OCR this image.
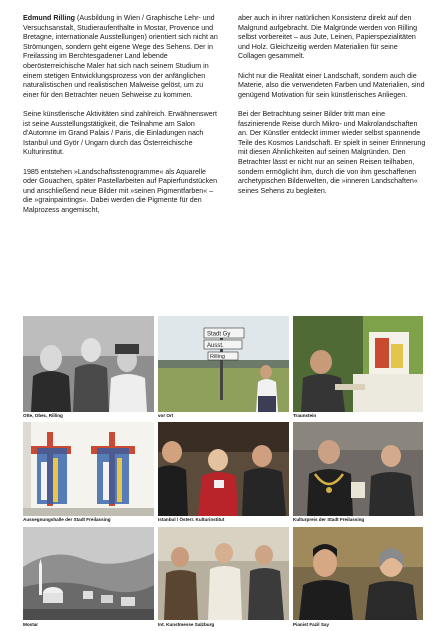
Edmund Rilling (Ausbildung in Wien / Graphische Lehr- und Versuchsanstalt, Studieraufenthalte in Mostar, Provence und Bretagne, internationale Ausstellungen) orientiert sich nicht an Strömungen, sondern geht eigene Wege des Sehens. Der in Freilassing im Berchtesgadener Land lebende oberösterreichische Maler hat sich nach seinem Studium in einem stetigen Entwicklungsprozess von der anfänglichen naturalistischen und realistischen Malweise gelöst, um zu einer für den Betrachter neuen Sehweise zu kommen.

Seine künstlerische Aktivitäten sind zahlreich. Erwähnenswert ist seine Ausstellungstätigkeit, die Teilnahme am Salon d'Automne im Grand Palais / Paris, die Einladungen nach Istanbul und Györ / Ungarn durch das Österreichische Kulturinstitut.

1985 entstehen »Landschaftsstenogramme« als Aquarelle oder Gouachen, später Pastellarbeiten auf Papierfundstücken und anschließend neue Bilder mit »seinen Pigmentfarben« – die »grainpaintings«. Dabei werden die Pigmente für den Malprozess angemischt,

aber auch in ihrer natürlichen Konsistenz direkt auf den Malgrund aufgebracht. Die Malgründe werden von Rilling selbst vorbereitet – aus Jute, Leinen, Papierspezialitäten und Holz. Gleichzeitig werden Materialien für seine Collagen gesammelt.

Nicht nur die Realität einer Landschaft, sondern auch die Materie, also die verwendeten Farben und Materialien, sind genügend Motivation für sein künstlerisches Anliegen.

Bei der Betrachtung seiner Bilder tritt man eine faszinierende Reise durch Mikro- und Makrolandschaften an. Der Künstler entdeckt immer wieder selbst spannende Teile des Kosmos Landschaft. Er spielt in seiner Erinnerung mit diesen Ähnlichkeiten auf seinen Malgründen. Den Betrachter lässt er nicht nur an seinen Reisen teilhaben, sondern ermöglicht ihm, durch die von ihm geschaffenen archetypischen Bilderwelten, die »inneren Landschaften« seines Sehens zu begleiten.

Otte, Obec, Rilling
Stadt Gy
Ausst.
Rilling
vor Ort	Traunstein
Aussegnungshalle der Stadt Freilassing	Istanbul / Österr. Kulturinstitut	Kulturpreis der Stadt Freilassing
Mostar	Int. Kunstmesse Salzburg	Pianist Fazil Say
